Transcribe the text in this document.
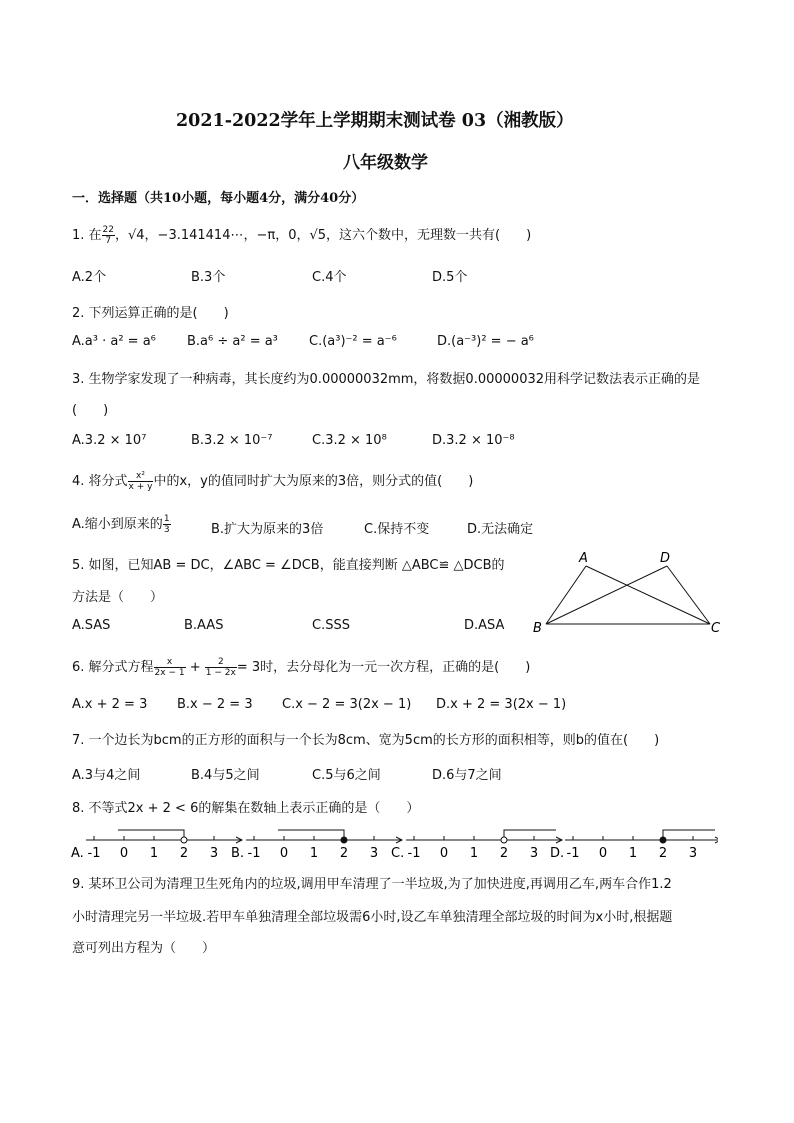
2021-2022学年上学期期末测试卷 03（湘教版）
八年级数学
一．选择题（共10小题，每小题4分，满分40分）
1. 在 $\frac{22}{7}$ ，√4，−3.141414⋯，−π，0，√5，这六个数中，无理数一共有(　　)
A.2个	B.3个	C.4个	D.5个
2. 下列运算正确的是(　　)
A.a³ · a² = a⁶ B.a⁶ ÷ a² = a³ C.(a³)⁻² = a⁻⁶	D.(a⁻³)² = − a⁶
3. 生物学家发现了一种病毒，其长度约为0.00000032mm，将数据0.00000032用科学记数法表示正确的是
(　　)
A.3.2 × 10⁷	B.3.2 × 10⁻⁷	C.3.2 × 10⁸	D.3.2 × 10⁻⁸
4. 将分式 $\frac{\text{x²}}{x + y}$ 中的x，y的值同时扩大为原来的3倍，则分式的值(　　)
A.缩小到原来的 $\frac{1}{3}$	B.扩大为原来的3倍	C.保持不变	D.无法确定
5. 如图，已知AB = DC，∠ABC = ∠DCB，能直接判断 △ABC≌ △DCB的
方法是（　　）
A.SAS	B.AAS	C.SSS	D.ASA
A	D
B	C
6. 解分式方程 $\frac{x}{2x - 1} + \frac{2}{1 - 2x} = 3$时，去分母化为一元一次方程，正确的是(　　)
A.x + 2 = 3 B.x − 2 = 3 C.x − 2 = 3(2x − 1) D.x + 2 = 3(2x − 1)
7. 一个边长为bcm的正方形的面积与一个长为8cm、宽为5cm的长方形的面积相等，则b的值在(　　)
A.3与4之间	B.4与5之间	C.5与6之间	D.6与7之间
8. 不等式2x + 2 < 6的解集在数轴上表示正确的是（　　）
A. -1 0 1 2 3 B. -1 0 1 2 3 C. -1 0 1 2 3 D. -1 0 1 2 3
9. 某环卫公司为清理卫生死角内的垃圾,调用甲车清理了一半垃圾,为了加快进度,再调用乙车,两车合作1.2
小时清理完另一半垃圾.若甲车单独清理全部垃圾需6小时,设乙车单独清理全部垃圾的时间为x小时,根据题
意可列出方程为（　　）
